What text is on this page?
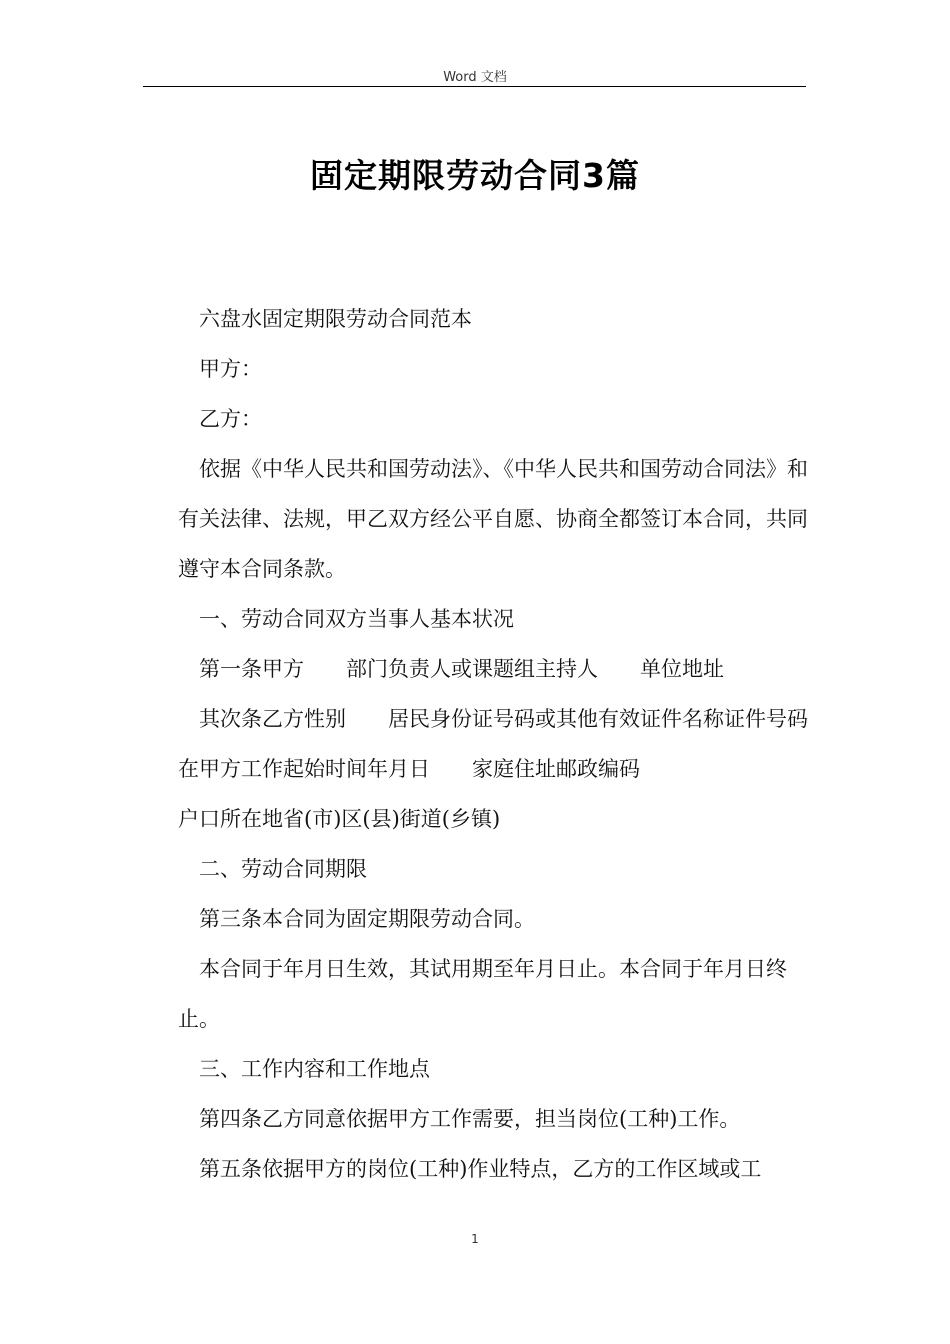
Word 文档
固定期限劳动合同3篇

六盘水固定期限劳动合同范本

甲方：

乙方：

依据《中华人民共和国劳动法》、《中华人民共和国劳动合同法》和有关法律、法规，甲乙双方经公平自愿、协商全都签订本合同，共同遵守本合同条款。

一、劳动合同双方当事人基本状况

第一条甲方　　部门负责人或课题组主持人　　单位地址

其次条乙方性别　　居民身份证号码或其他有效证件名称证件号码　　在甲方工作起始时间年月日　　家庭住址邮政编码

户口所在地省(市)区(县)街道(乡镇)

二、劳动合同期限

第三条本合同为固定期限劳动合同。

本合同于年月日生效，其试用期至年月日止。本合同于年月日终止。

三、工作内容和工作地点

第四条乙方同意依据甲方工作需要，担当岗位(工种)工作。

第五条依据甲方的岗位(工种)作业特点，乙方的工作区域或工

1
